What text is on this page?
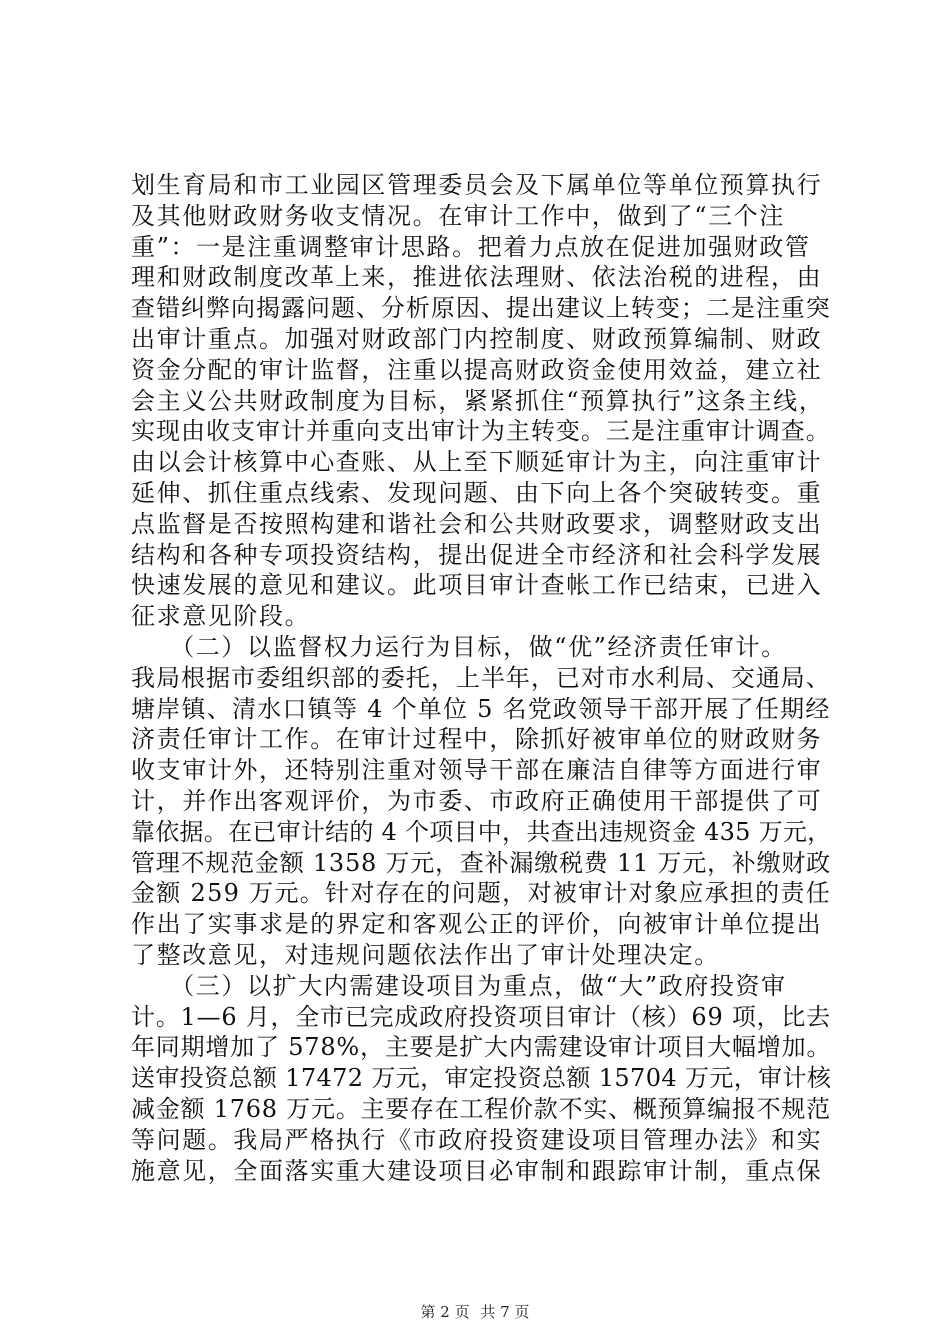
划生育局和市工业园区管理委员会及下属单位等单位预算执行
及其他财政财务收支情况。在审计工作中，做到了“三个注
重”：一是注重调整审计思路。把着力点放在促进加强财政管
理和财政制度改革上来，推进依法理财、依法治税的进程，由
查错纠弊向揭露问题、分析原因、提出建议上转变；二是注重突
出审计重点。加强对财政部门内控制度、财政预算编制、财政
资金分配的审计监督，注重以提高财政资金使用效益，建立社
会主义公共财政制度为目标，紧紧抓住“预算执行”这条主线，
实现由收支审计并重向支出审计为主转变。三是注重审计调查。
由以会计核算中心查账、从上至下顺延审计为主，向注重审计
延伸、抓住重点线索、发现问题、由下向上各个突破转变。重
点监督是否按照构建和谐社会和公共财政要求，调整财政支出
结构和各种专项投资结构，提出促进全市经济和社会科学发展
快速发展的意见和建议。此项目审计查帐工作已结束，已进入
征求意见阶段。
　　（二）以监督权力运行为目标，做“优”经济责任审计。
我局根据市委组织部的委托，上半年，已对市水利局、交通局、
塘岸镇、清水口镇等 4 个单位 5 名党政领导干部开展了任期经
济责任审计工作。在审计过程中，除抓好被审单位的财政财务
收支审计外，还特别注重对领导干部在廉洁自律等方面进行审
计，并作出客观评价，为市委、市政府正确使用干部提供了可
靠依据。在已审计结的 4 个项目中，共查出违规资金 435 万元，
管理不规范金额 1358 万元，查补漏缴税费 11 万元，补缴财政
金额 259 万元。针对存在的问题，对被审计对象应承担的责任
作出了实事求是的界定和客观公正的评价，向被审计单位提出
了整改意见，对违规问题依法作出了审计处理决定。
　　（三）以扩大内需建设项目为重点，做“大”政府投资审
计。1—6 月，全市已完成政府投资项目审计（核）69 项，比去
年同期增加了 578%，主要是扩大内需建设审计项目大幅增加。
送审投资总额 17472 万元，审定投资总额 15704 万元，审计核
减金额 1768 万元。主要存在工程价款不实、概预算编报不规范
等问题。我局严格执行《市政府投资建设项目管理办法》和实
施意见，全面落实重大建设项目必审制和跟踪审计制，重点保
第 2 页 共 7 页
